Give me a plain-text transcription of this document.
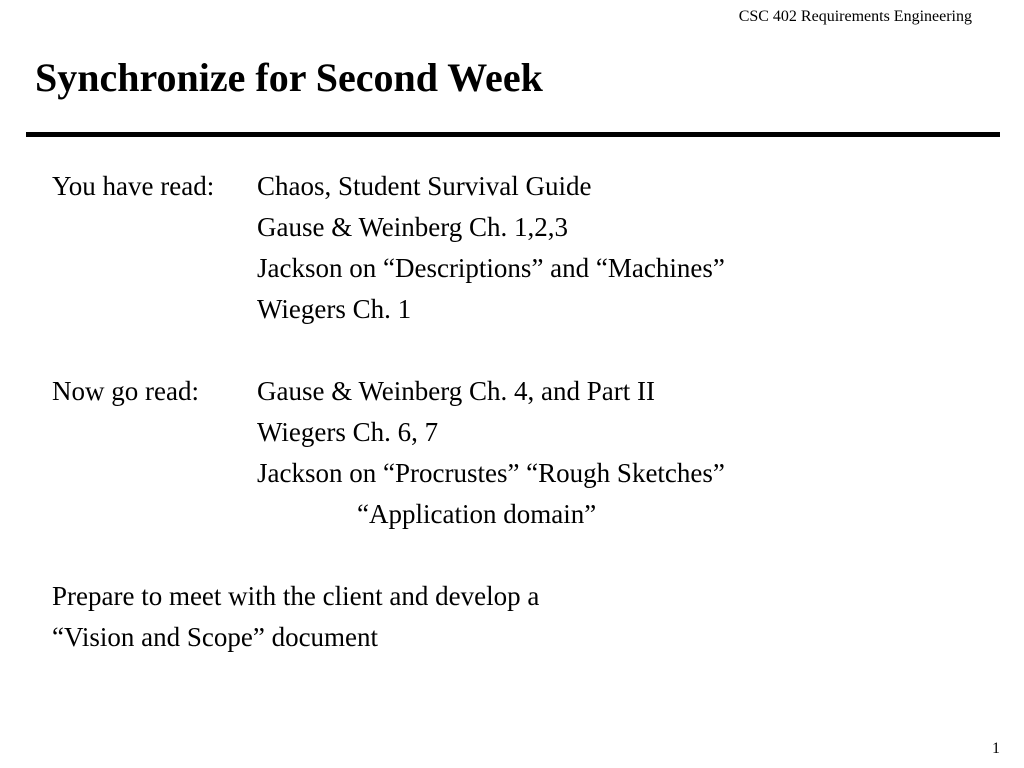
CSC 402 Requirements Engineering
Synchronize for Second Week
You have read: Chaos, Student Survival Guide
Gause & Weinberg Ch. 1,2,3
Jackson on “Descriptions” and “Machines”
Wiegers Ch. 1
Now go read: Gause & Weinberg Ch. 4, and Part II
Wiegers Ch. 6, 7
Jackson on “Procrustes” “Rough Sketches”
“Application domain”
Prepare to meet with the client and develop a
“Vision and Scope” document
1
